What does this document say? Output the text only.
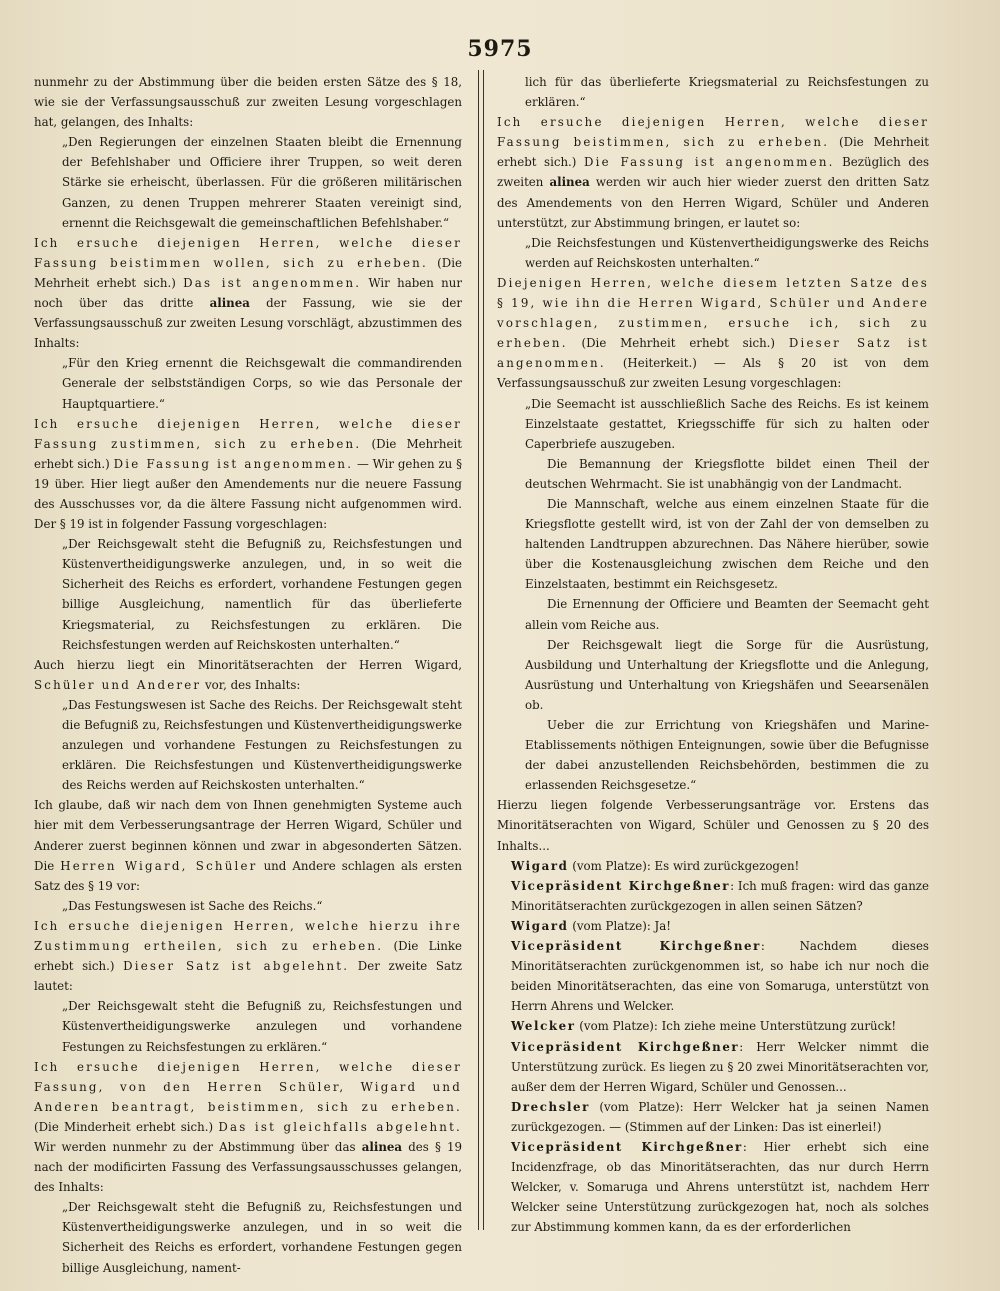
5975

nunmehr zu der Abstimmung über die beiden ersten Sätze des § 18, wie sie der Verfassungsausschuß zur zweiten Lesung vorgeschlagen hat, gelangen, des Inhalts:

„Den Regierungen der einzelnen Staaten bleibt die Ernennung der Befehlshaber und Officiere ihrer Truppen, so weit deren Stärke sie erheischt, überlassen. Für die größeren militärischen Ganzen, zu denen Truppen mehrerer Staaten vereinigt sind, ernennt die Reichsgewalt die gemeinschaftlichen Befehlshaber.“

Ich ersuche diejenigen Herren, welche dieser Fassung beistimmen wollen, sich zu erheben. (Die Mehrheit erhebt sich.) Das ist angenommen. Wir haben nur noch über das dritte alinea der Fassung, wie sie der Verfassungsausschuß zur zweiten Lesung vorschlägt, abzustimmen des Inhalts:

„Für den Krieg ernennt die Reichsgewalt die commandirenden Generale der selbstständigen Corps, so wie das Personale der Hauptquartiere.“

Ich ersuche diejenigen Herren, welche dieser Fassung zustimmen, sich zu erheben. (Die Mehrheit erhebt sich.) Die Fassung ist angenommen. — Wir gehen zu § 19 über. Hier liegt außer den Amendements nur die neuere Fassung des Ausschusses vor, da die ältere Fassung nicht aufgenommen wird. Der § 19 ist in folgender Fassung vorgeschlagen:

„Der Reichsgewalt steht die Befugniß zu, Reichsfestungen und Küstenvertheidigungswerke anzulegen, und, in so weit die Sicherheit des Reichs es erfordert, vorhandene Festungen gegen billige Ausgleichung, namentlich für das überlieferte Kriegsmaterial, zu Reichsfestungen zu erklären. Die Reichsfestungen werden auf Reichskosten unterhalten.“

Auch hierzu liegt ein Minoritätserachten der Herren Wigard, Schüler und Anderer vor, des Inhalts:

„Das Festungswesen ist Sache des Reichs. Der Reichsgewalt steht die Befugniß zu, Reichsfestungen und Küstenvertheidigungswerke anzulegen und vorhandene Festungen zu Reichsfestungen zu erklären. Die Reichsfestungen und Küstenvertheidigungswerke des Reichs werden auf Reichskosten unterhalten.“

Ich glaube, daß wir nach dem von Ihnen genehmigten Systeme auch hier mit dem Verbesserungsantrage der Herren Wigard, Schüler und Anderer zuerst beginnen können und zwar in abgesonderten Sätzen. Die Herren Wigard, Schüler und Andere schlagen als ersten Satz des § 19 vor:

„Das Festungswesen ist Sache des Reichs.“

Ich ersuche diejenigen Herren, welche hierzu ihre Zustimmung ertheilen, sich zu erheben. (Die Linke erhebt sich.) Dieser Satz ist abgelehnt. Der zweite Satz lautet:

„Der Reichsgewalt steht die Befugniß zu, Reichsfestungen und Küstenvertheidigungswerke anzulegen und vorhandene Festungen zu Reichsfestungen zu erklären.“

Ich ersuche diejenigen Herren, welche dieser Fassung, von den Herren Schüler, Wigard und Anderen beantragt, beistimmen, sich zu erheben. (Die Minderheit erhebt sich.) Das ist gleichfalls abgelehnt. Wir werden nunmehr zu der Abstimmung über das alinea des § 19 nach der modificirten Fassung des Verfassungsausschusses gelangen, des Inhalts:

„Der Reichsgewalt steht die Befugniß zu, Reichsfestungen und Küstenvertheidigungswerke anzulegen, und in so weit die Sicherheit des Reichs es erfordert, vorhandene Festungen gegen billige Ausgleichung, nament-

lich für das überlieferte Kriegsmaterial zu Reichsfestungen zu erklären.“

Ich ersuche diejenigen Herren, welche dieser Fassung beistimmen, sich zu erheben. (Die Mehrheit erhebt sich.) Die Fassung ist angenommen. Bezüglich des zweiten alinea werden wir auch hier wieder zuerst den dritten Satz des Amendements von den Herren Wigard, Schüler und Anderen unterstützt, zur Abstimmung bringen, er lautet so:

„Die Reichsfestungen und Küstenvertheidigungswerke des Reichs werden auf Reichskosten unterhalten.“

Diejenigen Herren, welche diesem letzten Satze des § 19, wie ihn die Herren Wigard, Schüler und Andere vorschlagen, zustimmen, ersuche ich, sich zu erheben. (Die Mehrheit erhebt sich.) Dieser Satz ist angenommen. (Heiterkeit.) — Als § 20 ist von dem Verfassungsausschuß zur zweiten Lesung vorgeschlagen:

„Die Seemacht ist ausschließlich Sache des Reichs. Es ist keinem Einzelstaate gestattet, Kriegsschiffe für sich zu halten oder Caperbriefe auszugeben.

Die Bemannung der Kriegsflotte bildet einen Theil der deutschen Wehrmacht. Sie ist unabhängig von der Landmacht.

Die Mannschaft, welche aus einem einzelnen Staate für die Kriegsflotte gestellt wird, ist von der Zahl der von demselben zu haltenden Landtruppen abzurechnen. Das Nähere hierüber, sowie über die Kostenausgleichung zwischen dem Reiche und den Einzelstaaten, bestimmt ein Reichsgesetz.

Die Ernennung der Officiere und Beamten der Seemacht geht allein vom Reiche aus.

Der Reichsgewalt liegt die Sorge für die Ausrüstung, Ausbildung und Unterhaltung der Kriegsflotte und die Anlegung, Ausrüstung und Unterhaltung von Kriegshäfen und Seearsenälen ob.

Ueber die zur Errichtung von Kriegshäfen und Marine-Etablissements nöthigen Enteignungen, sowie über die Befugnisse der dabei anzustellenden Reichsbehörden, bestimmen die zu erlassenden Reichsgesetze.“

Hierzu liegen folgende Verbesserungsanträge vor. Erstens das Minoritätserachten von Wigard, Schüler und Genossen zu § 20 des Inhalts...

Wigard (vom Platze): Es wird zurückgezogen!

Vicepräsident Kirchgeßner: Ich muß fragen: wird das ganze Minoritätserachten zurückgezogen in allen seinen Sätzen?

Wigard (vom Platze): Ja!

Vicepräsident Kirchgeßner: Nachdem dieses Minoritätserachten zurückgenommen ist, so habe ich nur noch die beiden Minoritätserachten, das eine von Somaruga, unterstützt von Herrn Ahrens und Welcker.

Welcker (vom Platze): Ich ziehe meine Unterstützung zurück!

Vicepräsident Kirchgeßner: Herr Welcker nimmt die Unterstützung zurück. Es liegen zu § 20 zwei Minoritätserachten vor, außer dem der Herren Wigard, Schüler und Genossen...

Drechsler (vom Platze): Herr Welcker hat ja seinen Namen zurückgezogen. — (Stimmen auf der Linken: Das ist einerlei!)

Vicepräsident Kirchgeßner: Hier erhebt sich eine Incidenzfrage, ob das Minoritätserachten, das nur durch Herrn Welcker, v. Somaruga und Ahrens unterstützt ist, nachdem Herr Welcker seine Unterstützung zurückgezogen hat, noch als solches zur Abstimmung kommen kann, da es der erforderlichen
